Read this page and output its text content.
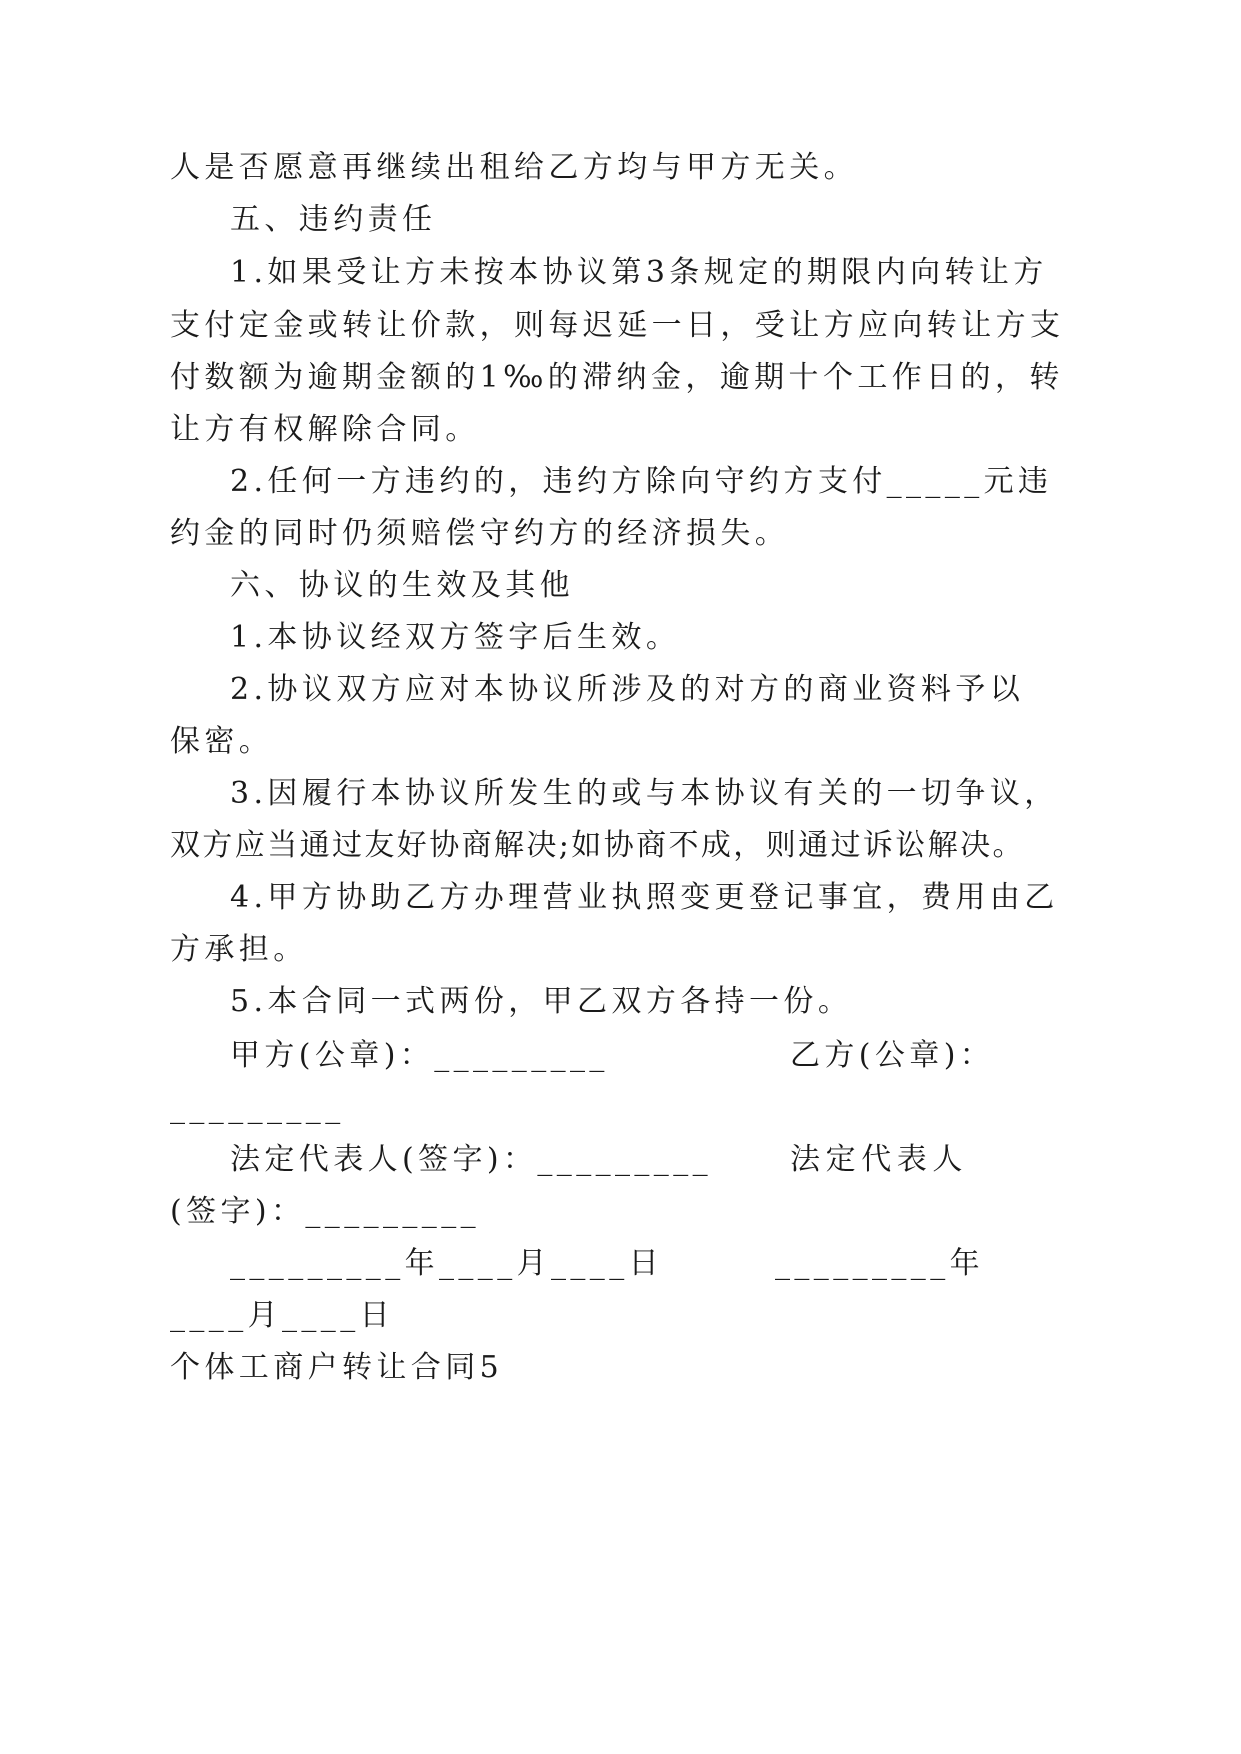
人是否愿意再继续出租给乙方均与甲方无关。

五、违约责任

1.如果受让方未按本协议第3条规定的期限内向转让方

支付定金或转让价款，则每迟延一日，受让方应向转让方支

付数额为逾期金额的1‰的滞纳金，逾期十个工作日的，转

让方有权解除合同。

2.任何一方违约的，违约方除向守约方支付_____元违

约金的同时仍须赔偿守约方的经济损失。

六、协议的生效及其他

1.本协议经双方签字后生效。

2.协议双方应对本协议所涉及的对方的商业资料予以

保密。

3.因履行本协议所发生的或与本协议有关的一切争议，

双方应当通过友好协商解决;如协商不成，则通过诉讼解决。

4.甲方协助乙方办理营业执照变更登记事宜，费用由乙

方承担。

5.本合同一式两份，甲乙双方各持一份。

甲方(公章)：_________	乙方(公章)：

_________

法定代表人(签字)：_________	法定代表人

(签字)：_________

_________年____月____日	_________年

____月____日

个体工商户转让合同5
